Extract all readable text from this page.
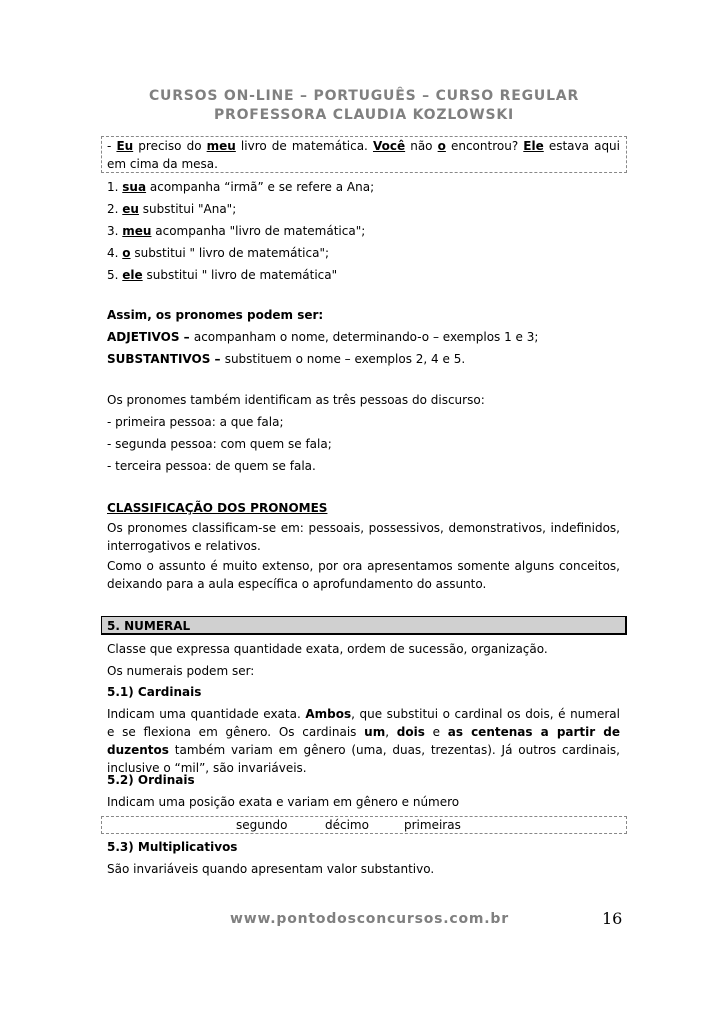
CURSOS ON-LINE – PORTUGUÊS – CURSO REGULAR
PROFESSORA CLAUDIA KOZLOWSKI
- Eu preciso do meu livro de matemática. Você não o encontrou? Ele estava aqui em cima da mesa.
1. sua acompanha “irmã” e se refere a Ana;
2. eu substitui "Ana";
3. meu acompanha "livro de matemática";
4. o substitui " livro de matemática";
5. ele substitui " livro de matemática"
Assim, os pronomes podem ser:
ADJETIVOS – acompanham o nome, determinando-o – exemplos 1 e 3;
SUBSTANTIVOS – substituem o nome – exemplos 2, 4 e 5.
Os pronomes também identificam as três pessoas do discurso:
- primeira pessoa: a que fala;
- segunda pessoa: com quem se fala;
- terceira pessoa: de quem se fala.
CLASSIFICAÇÃO DOS PRONOMES
Os pronomes classificam-se em: pessoais, possessivos, demonstrativos, indefinidos, interrogativos e relativos.
Como o assunto é muito extenso, por ora apresentamos somente alguns conceitos, deixando para a aula específica o aprofundamento do assunto.
5. NUMERAL
Classe que expressa quantidade exata, ordem de sucessão, organização.
Os numerais podem ser:
5.1) Cardinais
Indicam uma quantidade exata. Ambos, que substitui o cardinal os dois, é numeral e se flexiona em gênero. Os cardinais um, dois e as centenas a partir de duzentos também variam em gênero (uma, duas, trezentas). Já outros cardinais, inclusive o “mil”, são invariáveis.
5.2) Ordinais
Indicam uma posição exata e variam em gênero e número
segundo	décimo	primeiras
5.3) Multiplicativos
São invariáveis quando apresentam valor substantivo.
www.pontodosconcursos.com.br	16
